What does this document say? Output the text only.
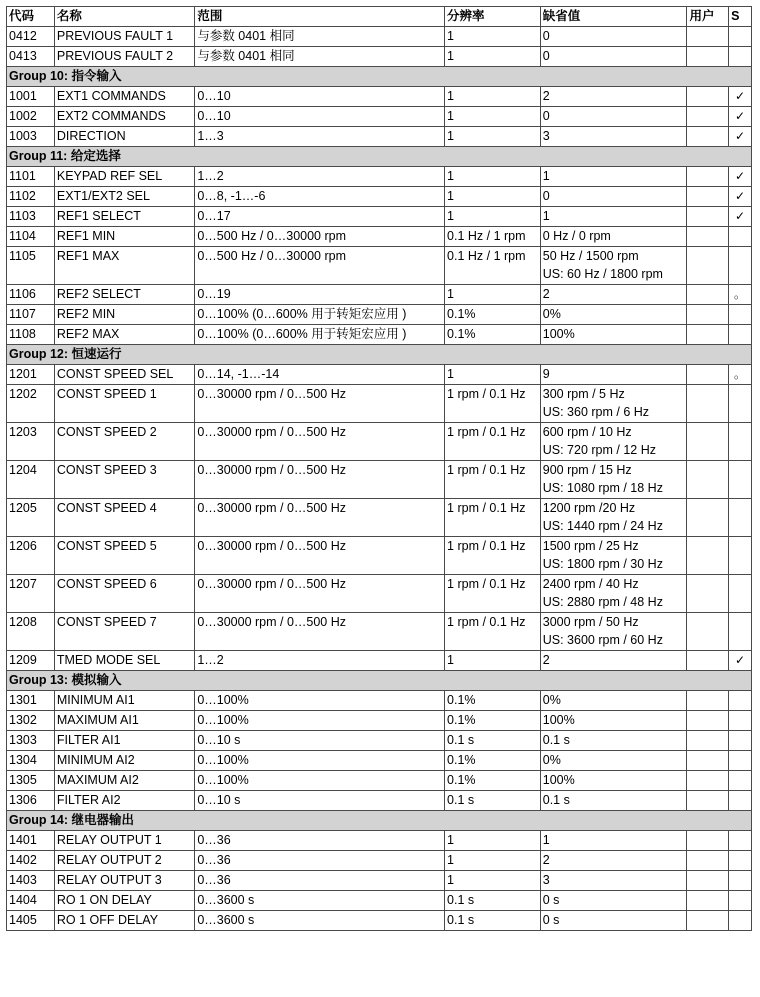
代码	名称	范围	分辨率	缺省值	用户	S
0412	PREVIOUS FAULT 1	与参数 0401 相同	1	0		

0413	PREVIOUS FAULT 2	与参数 0401 相同	1	0		

Group 10: 指令输入						
1001	EXT1 COMMANDS	0…10	1	2		✓
1002	EXT2 COMMANDS	0…10	1	0		✓
1003	DIRECTION	1…3	1	3		✓
Group 11: 给定选择						
1101	KEYPAD REF SEL	1…2	1	1		✓
1102	EXT1/EXT2 SEL	0…8, -1…-6	1	0		✓
1103	REF1 SELECT	0…17	1	1		✓
1104	REF1 MIN	0…500 Hz / 0…30000 rpm	0.1 Hz / 1 rpm	0 Hz / 0 rpm		

1105	REF1 MAX	0…500 Hz / 0…30000 rpm	0.1 Hz / 1 rpm	50 Hz / 1500 rpm
US: 60 Hz / 1800 rpm		

1106	REF2 SELECT	0…19	1	2		。
1107	REF2 MIN	0…100% (0…600% 用于转矩宏应用 )	0.1%	0%		

1108	REF2 MAX	0…100% (0…600% 用于转矩宏应用 )	0.1%	100%		

Group 12: 恒速运行						
1201	CONST SPEED SEL	0…14, -1…-14	1	9		。
1202	CONST SPEED 1	0…30000 rpm / 0…500 Hz	1 rpm / 0.1 Hz	300 rpm / 5 Hz
US: 360 rpm / 6 Hz		

1203	CONST SPEED 2	0…30000 rpm / 0…500 Hz	1 rpm / 0.1 Hz	600 rpm / 10 Hz
US: 720 rpm / 12 Hz		

1204	CONST SPEED 3	0…30000 rpm / 0…500 Hz	1 rpm / 0.1 Hz	900 rpm / 15 Hz
US: 1080 rpm / 18 Hz		

1205	CONST SPEED 4	0…30000 rpm / 0…500 Hz	1 rpm / 0.1 Hz	1200 rpm /20 Hz
US: 1440 rpm / 24 Hz		

1206	CONST SPEED 5	0…30000 rpm / 0…500 Hz	1 rpm / 0.1 Hz	1500 rpm / 25 Hz
US: 1800 rpm / 30 Hz		

1207	CONST SPEED 6	0…30000 rpm / 0…500 Hz	1 rpm / 0.1 Hz	2400 rpm / 40 Hz
US: 2880 rpm / 48 Hz		

1208	CONST SPEED 7	0…30000 rpm / 0…500 Hz	1 rpm / 0.1 Hz	3000 rpm / 50 Hz
US: 3600 rpm / 60 Hz		

1209	TMED MODE SEL	1…2	1	2		✓
Group 13: 模拟输入						
1301	MINIMUM AI1	0…100%	0.1%	0%		

1302	MAXIMUM AI1	0…100%	0.1%	100%		

1303	FILTER AI1	0…10 s	0.1 s	0.1 s		

1304	MINIMUM AI2	0…100%	0.1%	0%		

1305	MAXIMUM AI2	0…100%	0.1%	100%		

1306	FILTER AI2	0…10 s	0.1 s	0.1 s		

Group 14: 继电器输出						
1401	RELAY OUTPUT 1	0…36	1	1		

1402	RELAY OUTPUT 2	0…36	1	2		

1403	RELAY OUTPUT 3	0…36	1	3		

1404	RO 1 ON DELAY	0…3600 s	0.1 s	0 s		

1405	RO 1 OFF DELAY	0…3600 s	0.1 s	0 s		
